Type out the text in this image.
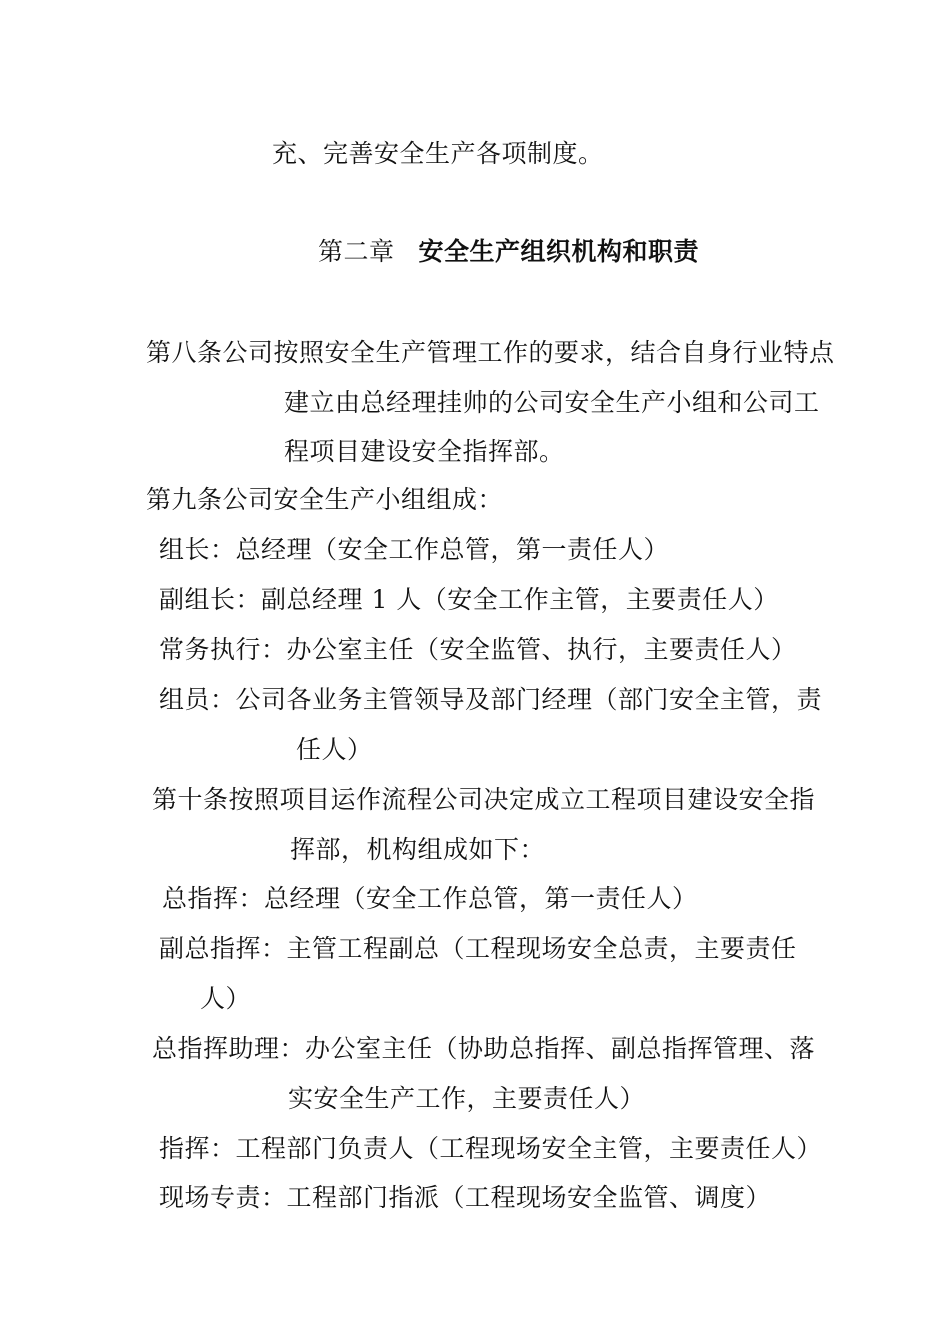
充、完善安全生产各项制度。
第二章 安全生产组织机构和职责
第八条公司按照安全生产管理工作的要求，结合自身行业特点
建立由总经理挂帅的公司安全生产小组和公司工
程项目建设安全指挥部。
第九条公司安全生产小组组成：
组长：总经理（安全工作总管，第一责任人）
副组长：副总经理 1 人（安全工作主管，主要责任人）
常务执行：办公室主任（安全监管、执行，主要责任人）
组员：公司各业务主管领导及部门经理（部门安全主管，责
任人）
第十条按照项目运作流程公司决定成立工程项目建设安全指
挥部，机构组成如下：
总指挥：总经理（安全工作总管，第一责任人）
副总指挥：主管工程副总（工程现场安全总责，主要责任
人）
总指挥助理：办公室主任（协助总指挥、副总指挥管理、落
实安全生产工作，主要责任人）
指挥：工程部门负责人（工程现场安全主管，主要责任人）
现场专责：工程部门指派（工程现场安全监管、调度）
